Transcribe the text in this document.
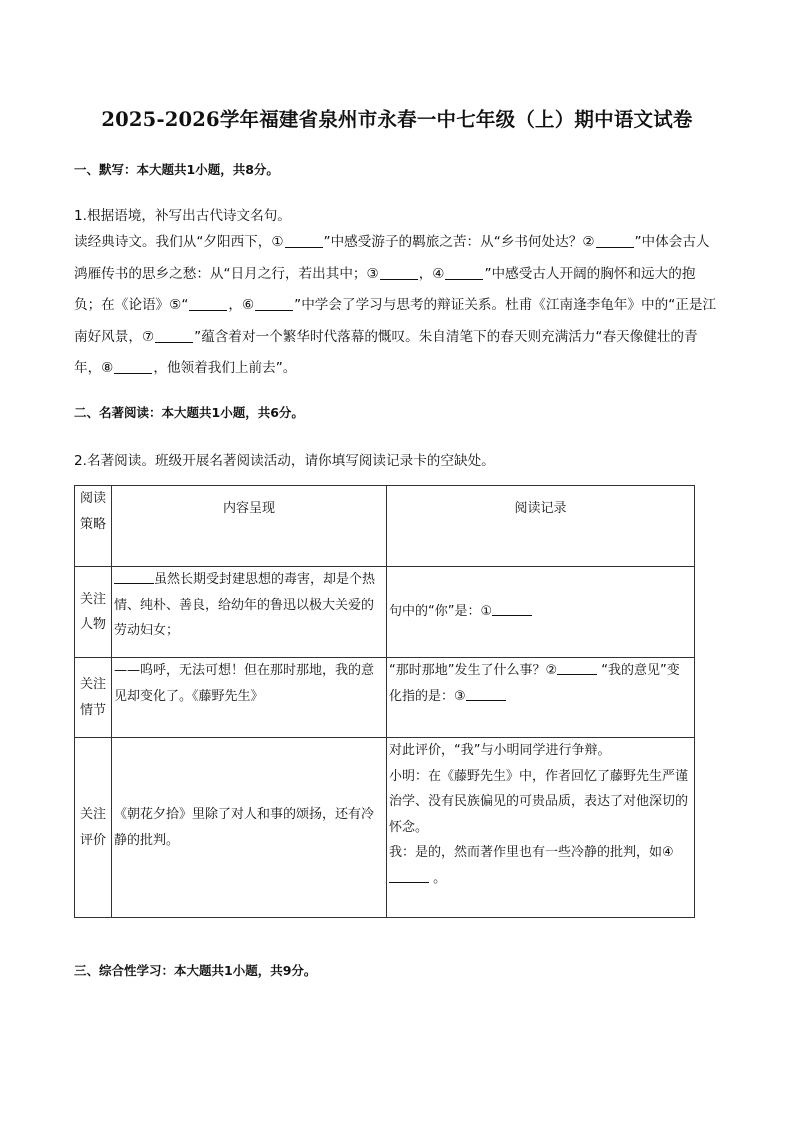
2025-2026学年福建省泉州市永春一中七年级（上）期中语文试卷
一、默写：本大题共1小题，共8分。
1.根据语境，补写出古代诗文名句。
读经典诗文。我们从“夕阳西下，①	”中感受游子的羁旅之苦：从“乡书何处达？②	”中体会古人鸿雁传书的思乡之愁：从“日月之行，若出其中；③	，④	”中感受古人开阔的胸怀和远大的抱负；在《论语》⑤“	，⑥	”中学会了学习与思考的辩证关系。杜甫《江南逢李龟年》中的“正是江南好风景，⑦	”蕴含着对一个繁华时代落幕的慨叹。朱自清笔下的春天则充满活力“春天像健壮的青年，⑧	，他领着我们上前去”。
二、名著阅读：本大题共1小题，共6分。
2.名著阅读。班级开展名著阅读活动，请你填写阅读记录卡的空缺处。
阅读策略	内容呈现	阅读记录
关注人物	虽然长期受封建思想的毒害，却是个热情、纯朴、善良，给幼年的鲁迅以极大关爱的劳动妇女；	句中的“你”是：①
关注情节	——呜呼，无法可想！但在那时那地，我的意见却变化了。《藤野先生》	“那时那地”发生了什么事？② “我的意见”变化指的是：③
关注评价	《朝花夕拾》里除了对人和事的颂扬，还有冷静的批判。	对此评价，“我”与小明同学进行争辩。
小明：在《藤野先生》中，作者回忆了藤野先生严谨治学、没有民族偏见的可贵品质，表达了对他深切的怀念。
我：是的，然而著作里也有一些冷静的批判，如④ 。
三、综合性学习：本大题共1小题，共9分。
